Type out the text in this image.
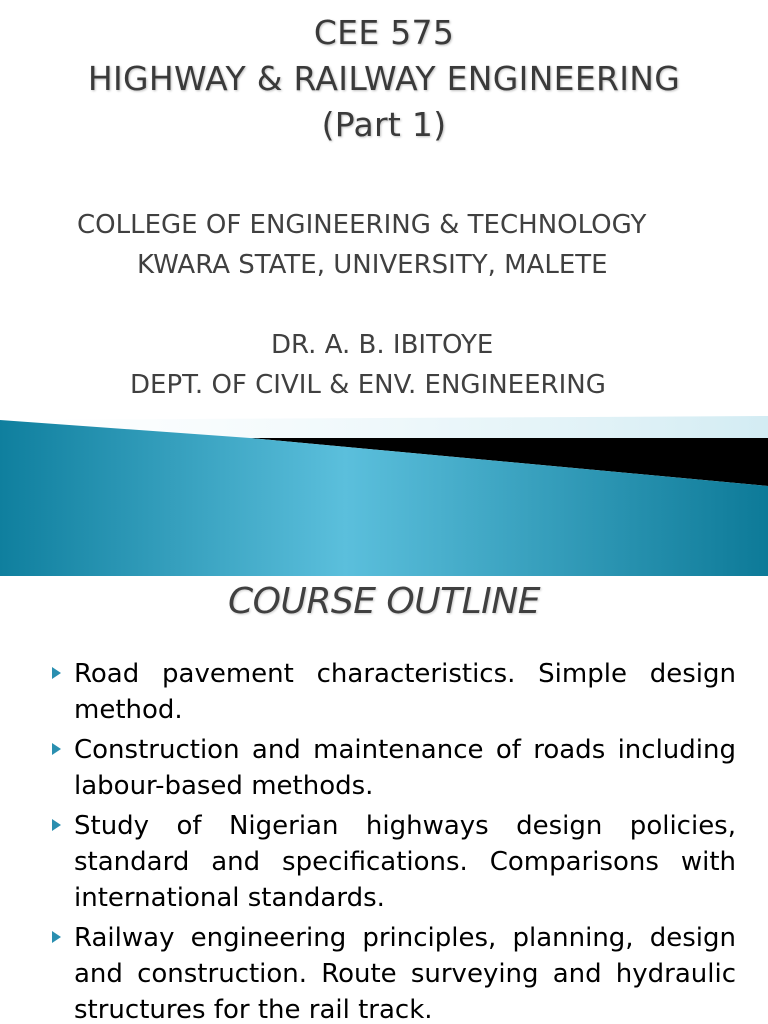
CEE 575
HIGHWAY & RAILWAY ENGINEERING
(Part 1)
COLLEGE OF ENGINEERING & TECHNOLOGY
KWARA STATE, UNIVERSITY, MALETE
DR. A. B. IBITOYE
DEPT. OF CIVIL & ENV. ENGINEERING
COURSE OUTLINE
Road pavement characteristics. Simple design method.
Construction and maintenance of roads including labour-based methods.
Study of Nigerian highways design policies, standard and specifications. Comparisons with international standards.
Railway engineering principles, planning, design and construction. Route surveying and hydraulic structures for the rail track.
